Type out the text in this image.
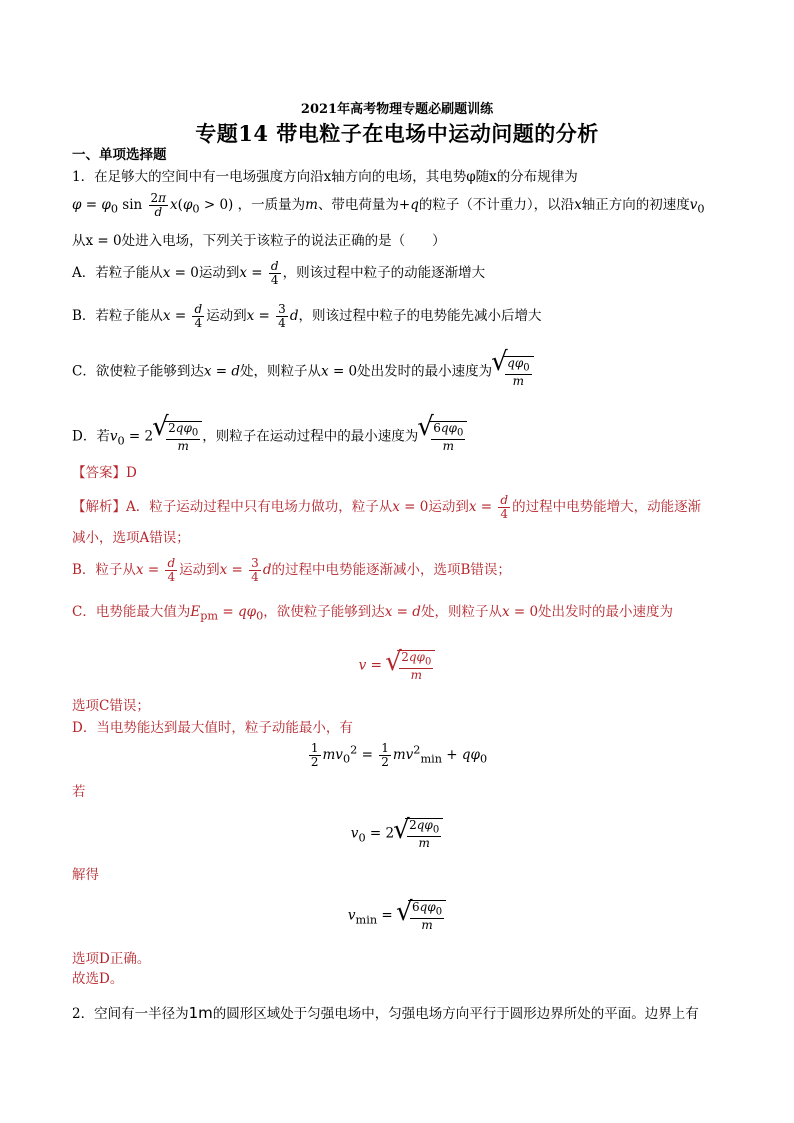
2021年高考物理专题必刷题训练
专题14 带电粒子在电场中运动问题的分析
一、单项选择题
1．在足够大的空间中有一电场强度方向沿x轴方向的电场，其电势φ随x的分布规律为
$\varphi = \varphi_0$ $\sin \frac{2\pi}{d} x(\varphi_0 > 0)$ ，一质量为m、带电荷量为+q的粒子（不计重力），以沿x轴正方向的初速度$v_0$
从x = 0处进入电场，下列关于该粒子的说法正确的是（　　）
A．若粒子能从x = 0运动到$x = \frac{d}{4}$ ，则该过程中粒子的动能逐渐增大
B．若粒子能从$x = \frac{d}{4}$ 运动到$x = \frac{3}{4}$ d，则该过程中粒子的电势能先减小后增大
C．欲使粒子能够到达x = d处，则粒子从x = 0处出发时的最小速度为 √ $\frac{q\varphi_0}{m}$
D．若$v_0 = 2$ √ $\frac{2q\varphi_0}{m}$ ，则粒子在运动过程中的最小速度为 √ $\frac{6q\varphi_0}{m}$
【答案】D
【解析】A．粒子运动过程中只有电场力做功，粒子从x = 0运动到$x = \frac{d}{4}$ 的过程中电势能增大，动能逐渐
减小，选项A错误；
B．粒子从$x = \frac{d}{4}$ 运动到$x = \frac{3}{4}$ d的过程中电势能逐渐减小，选项B错误；
C．电势能最大值为$E_{pm} = q\varphi_0$，欲使粒子能够到达x = d处，则粒子从x = 0处出发时的最小速度为
v = √ $\frac{2q\varphi_0}{m}$
选项C错误；
D．当电势能达到最大值时，粒子动能最小，有
$\frac{1}{2} mv_0^2 = \frac{1}{2} mv^2_{min} + q\varphi_0$
若
$v_0 = 2$ √ $\frac{2q\varphi_0}{m}$
解得
$v_{min}$ = √ $\frac{6q\varphi_0}{m}$
选项D正确。
故选D。
2．空间有一半径为1m的圆形区域处于匀强电场中，匀强电场方向平行于圆形边界所处的平面。边界上有
